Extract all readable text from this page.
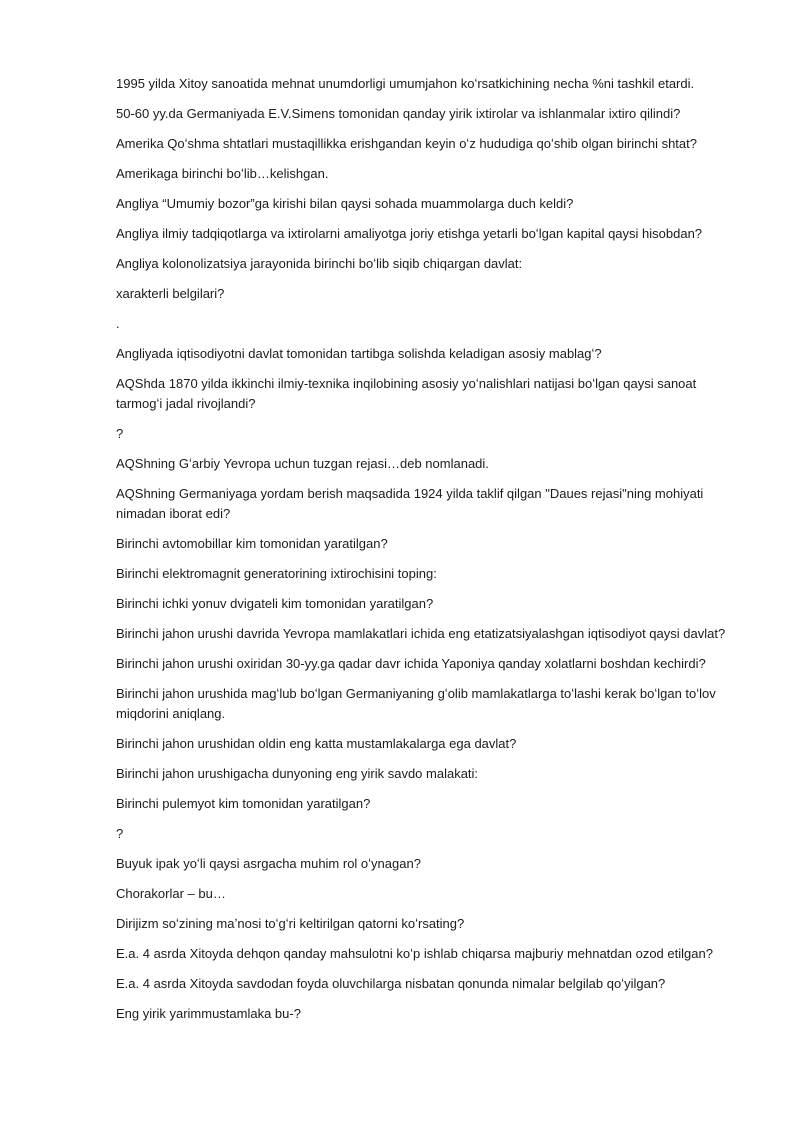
1995 yilda Xitoy sanoatida mehnat unumdorligi umumjahon koʻrsatkichining necha %ni tashkil etardi.

50-60 yy.da Germaniyada E.V.Simens tomonidan qanday yirik ixtirolar va ishlanmalar ixtiro qilindi?

Amerika Qoʻshma shtatlari mustaqillikka erishgandan keyin oʻz hududiga qoʻshib olgan birinchi shtat?

Amerikaga birinchi boʻlib…kelishgan.

Angliya “Umumiy bozor”ga kirishi bilan qaysi sohada muammolarga duch keldi?

Angliya ilmiy tadqiqotlarga va ixtirolarni amaliyotga joriy etishga yetarli boʻlgan kapital qaysi hisobdan?

Angliya kolonolizatsiya jarayonida birinchi boʻlib siqib chiqargan davlat:

xarakterli belgilari?

.

Angliyada iqtisodiyotni davlat tomonidan tartibga solishda keladigan asosiy mablagʻ?

AQShda 1870 yilda ikkinchi ilmiy-texnika inqilobining asosiy yoʻnalishlari natijasi boʻlgan qaysi sanoat tarmogʻi jadal rivojlandi?

?

AQShning Gʻarbiy Yevropa uchun tuzgan rejasi…deb nomlanadi.

AQShning Germaniyaga yordam berish maqsadida 1924 yilda taklif qilgan "Daues rejasi"ning mohiyati nimadan iborat edi?

Birinchi avtomobillar kim tomonidan yaratilgan?

Birinchi elektromagnit generatorining ixtirochisini toping:

Birinchi ichki yonuv dvigateli kim tomonidan yaratilgan?

Birinchi jahon urushi davrida Yevropa mamlakatlari ichida eng etatizatsiyalashgan iqtisodiyot qaysi davlat?

Birinchi jahon urushi oxiridan 30-yy.ga qadar davr ichida Yaponiya qanday xolatlarni boshdan kechirdi?

Birinchi jahon urushida magʻlub boʻlgan Germaniyaning gʻolib mamlakatlarga toʻlashi kerak boʻlgan toʻlov miqdorini aniqlang.

Birinchi jahon urushidan oldin eng katta mustamlakalarga ega davlat?

Birinchi jahon urushigacha dunyoning eng yirik savdo malakati:

Birinchi pulemyot kim tomonidan yaratilgan?

?

Buyuk ipak yoʻli qaysi asrgacha muhim rol oʻynagan?

Chorakorlar – bu…

Dirijizm soʻzining maʼnosi toʻgʻri keltirilgan qatorni koʻrsating?

E.a. 4 asrda Xitoyda dehqon qanday mahsulotni koʻp ishlab chiqarsa majburiy mehnatdan ozod etilgan?

E.a. 4 asrda Xitoyda savdodan foyda oluvchilarga nisbatan qonunda nimalar belgilab qoʻyilgan?

Eng yirik yarimmustamlaka bu-?
